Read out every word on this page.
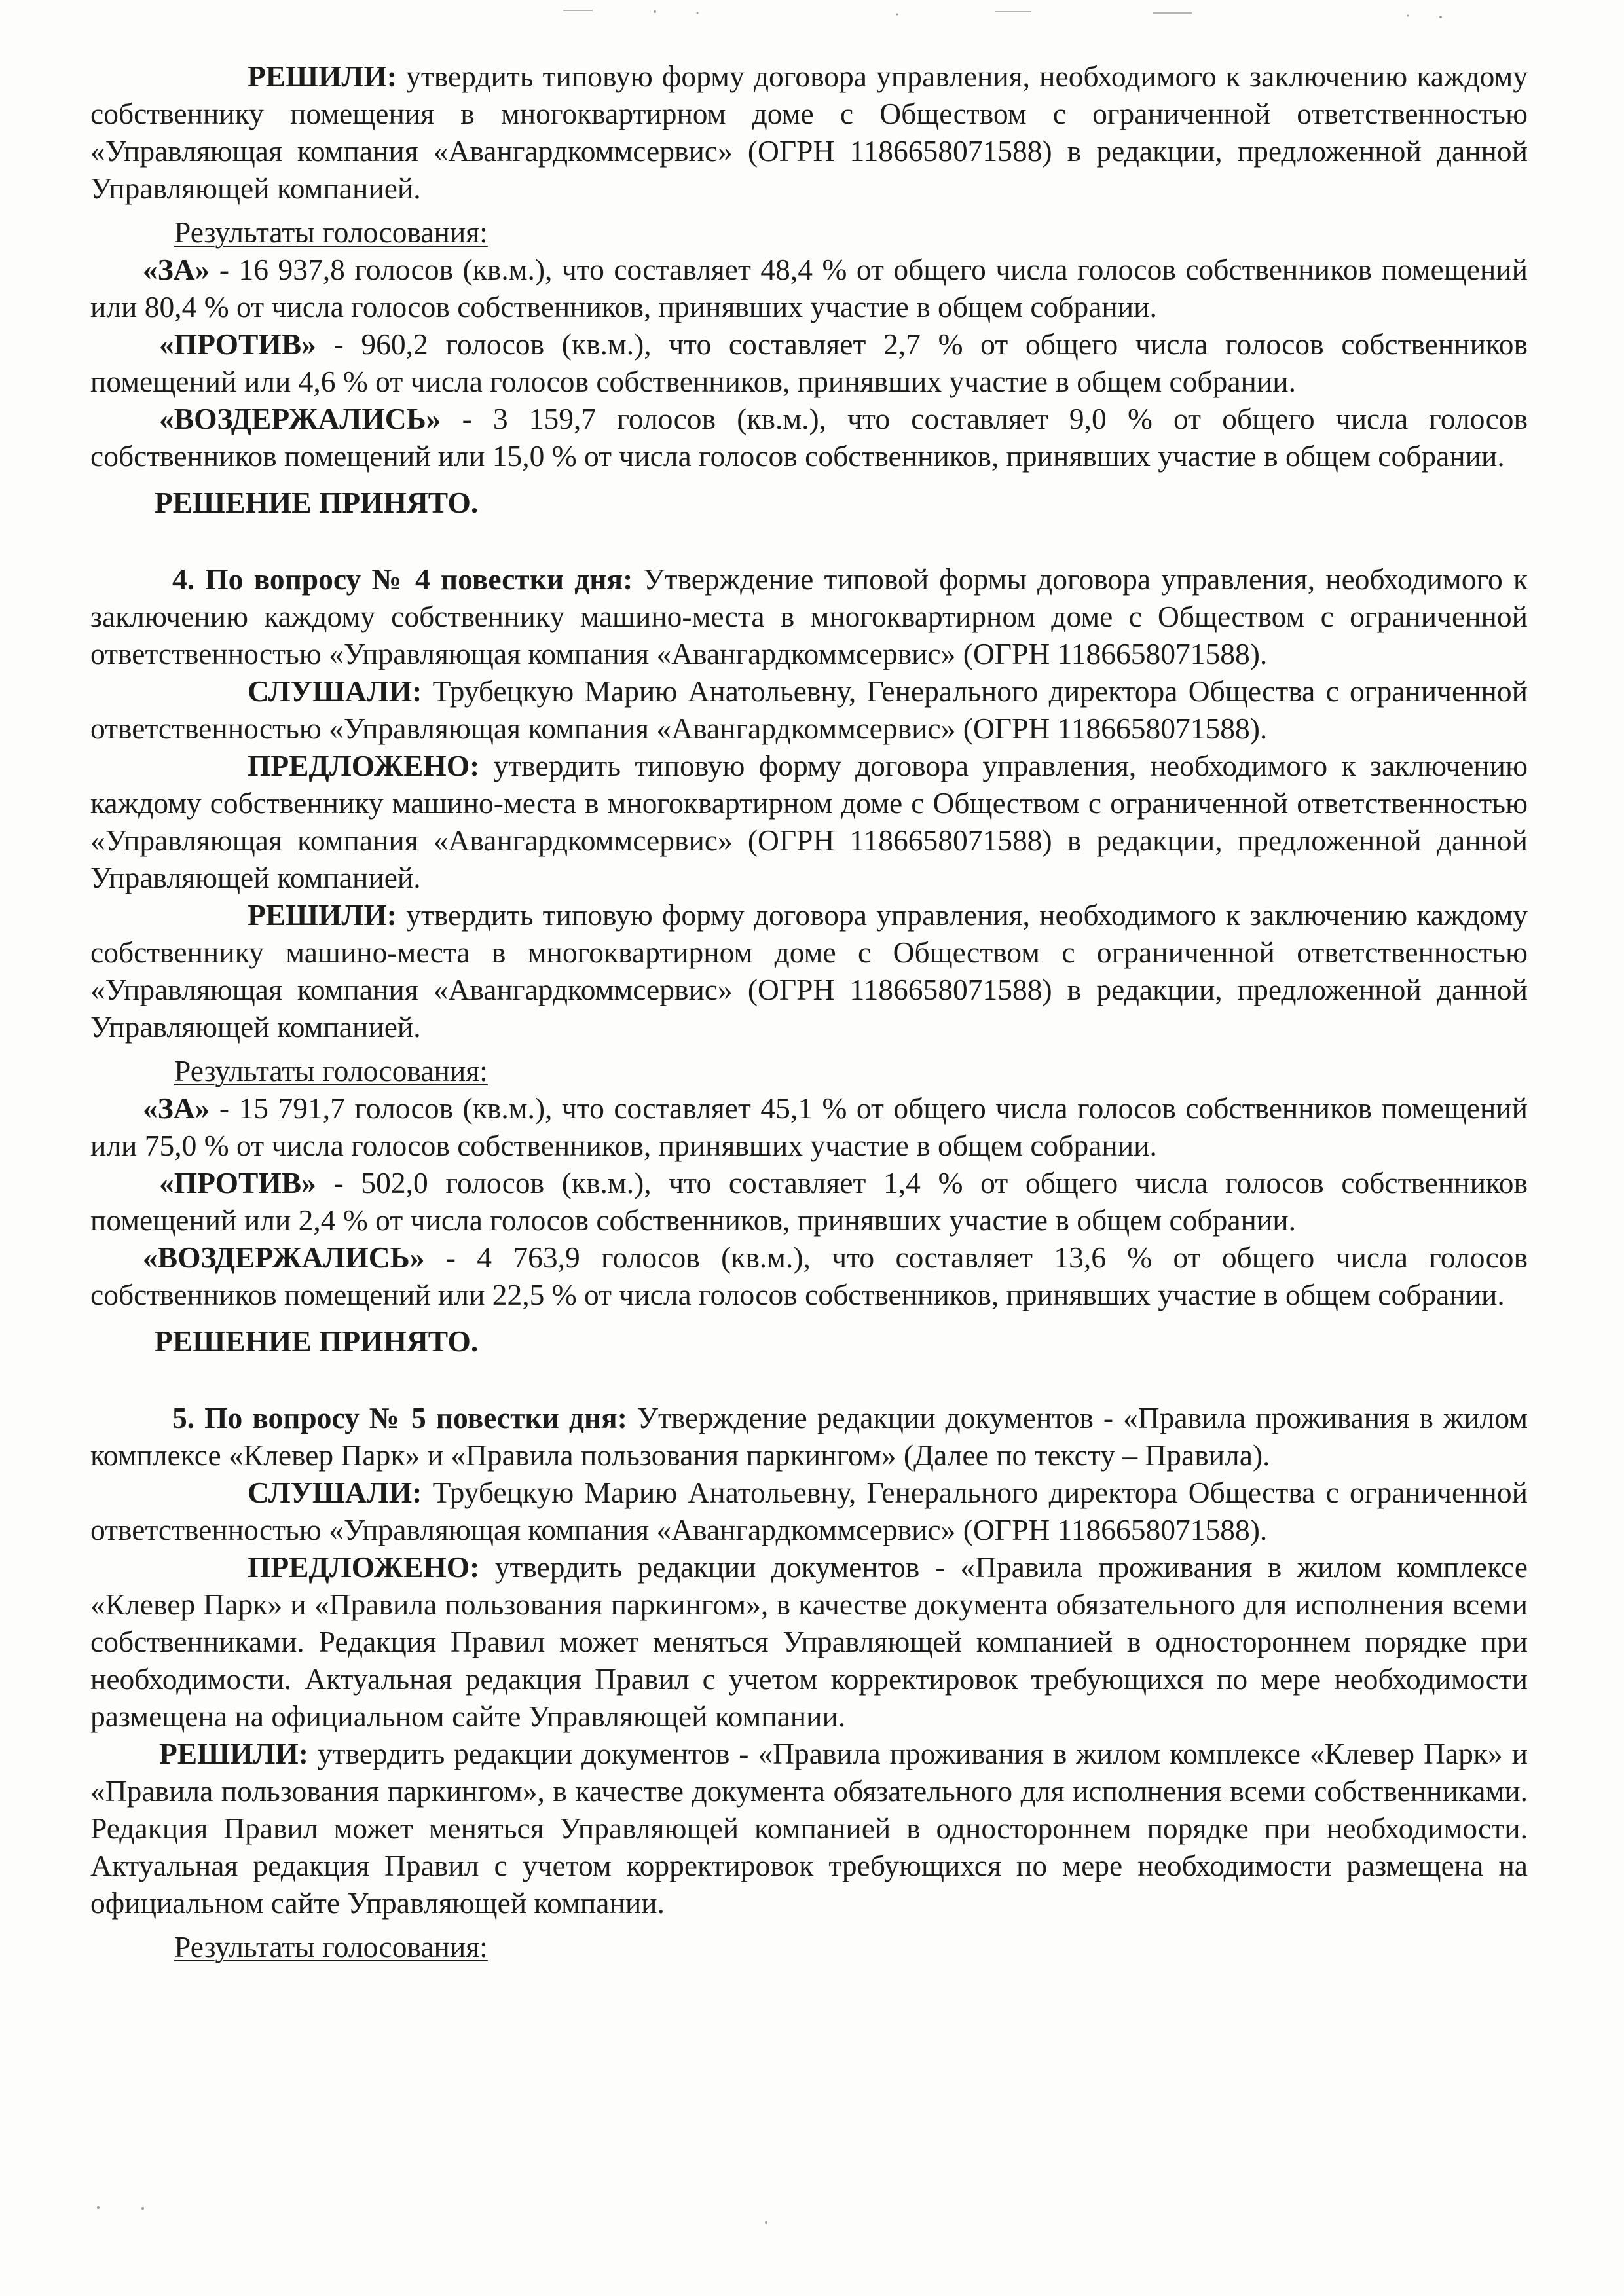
РЕШИЛИ: утвердить типовую форму договора управления, необходимого к заключению каждому собственнику помещения в многоквартирном доме с Обществом с ограниченной ответственностью «Управляющая компания «Авангардкоммсервис» (ОГРН 1186658071588) в редакции, предложенной данной Управляющей компанией.

Результаты голосования:

«ЗА» - 16 937,8 голосов (кв.м.), что составляет 48,4 % от общего числа голосов собственников помещений или 80,4 % от числа голосов собственников, принявших участие в общем собрании.

«ПРОТИВ» - 960,2 голосов (кв.м.), что составляет 2,7 % от общего числа голосов собственников помещений или 4,6 % от числа голосов собственников, принявших участие в общем собрании.

«ВОЗДЕРЖАЛИСЬ» - 3 159,7 голосов (кв.м.), что составляет 9,0 % от общего числа голосов собственников помещений или 15,0 % от числа голосов собственников, принявших участие в общем собрании.

РЕШЕНИЕ ПРИНЯТО.

4. По вопросу № 4 повестки дня: Утверждение типовой формы договора управления, необходимого к заключению каждому собственнику машино-места в многоквартирном доме с Обществом с ограниченной ответственностью «Управляющая компания «Авангардкоммсервис» (ОГРН 1186658071588).

СЛУШАЛИ: Трубецкую Марию Анатольевну, Генерального директора Общества с ограниченной ответственностью «Управляющая компания «Авангардкоммсервис» (ОГРН 1186658071588).

ПРЕДЛОЖЕНО: утвердить типовую форму договора управления, необходимого к заключению каждому собственнику машино-места в многоквартирном доме с Обществом с ограниченной ответственностью «Управляющая компания «Авангардкоммсервис» (ОГРН 1186658071588) в редакции, предложенной данной Управляющей компанией.

РЕШИЛИ: утвердить типовую форму договора управления, необходимого к заключению каждому собственнику машино-места в многоквартирном доме с Обществом с ограниченной ответственностью «Управляющая компания «Авангардкоммсервис» (ОГРН 1186658071588) в редакции, предложенной данной Управляющей компанией.

Результаты голосования:

«ЗА» - 15 791,7 голосов (кв.м.), что составляет 45,1 % от общего числа голосов собственников помещений или 75,0 % от числа голосов собственников, принявших участие в общем собрании.

«ПРОТИВ» - 502,0 голосов (кв.м.), что составляет 1,4 % от общего числа голосов собственников помещений или 2,4 % от числа голосов собственников, принявших участие в общем собрании.

«ВОЗДЕРЖАЛИСЬ» - 4 763,9 голосов (кв.м.), что составляет 13,6 % от общего числа голосов собственников помещений или 22,5 % от числа голосов собственников, принявших участие в общем собрании.

РЕШЕНИЕ ПРИНЯТО.

5. По вопросу № 5 повестки дня: Утверждение редакции документов - «Правила проживания в жилом комплексе «Клевер Парк» и «Правила пользования паркингом» (Далее по тексту – Правила).

СЛУШАЛИ: Трубецкую Марию Анатольевну, Генерального директора Общества с ограниченной ответственностью «Управляющая компания «Авангардкоммсервис» (ОГРН 1186658071588).

ПРЕДЛОЖЕНО: утвердить редакции документов - «Правила проживания в жилом комплексе «Клевер Парк» и «Правила пользования паркингом», в качестве документа обязательного для исполнения всеми собственниками. Редакция Правил может меняться Управляющей компанией в одностороннем порядке при необходимости. Актуальная редакция Правил с учетом корректировок требующихся по мере необходимости размещена на официальном сайте Управляющей компании.

РЕШИЛИ: утвердить редакции документов - «Правила проживания в жилом комплексе «Клевер Парк» и «Правила пользования паркингом», в качестве документа обязательного для исполнения всеми собственниками. Редакция Правил может меняться Управляющей компанией в одностороннем порядке при необходимости. Актуальная редакция Правил с учетом корректировок требующихся по мере необходимости размещена на официальном сайте Управляющей компании.

Результаты голосования:
